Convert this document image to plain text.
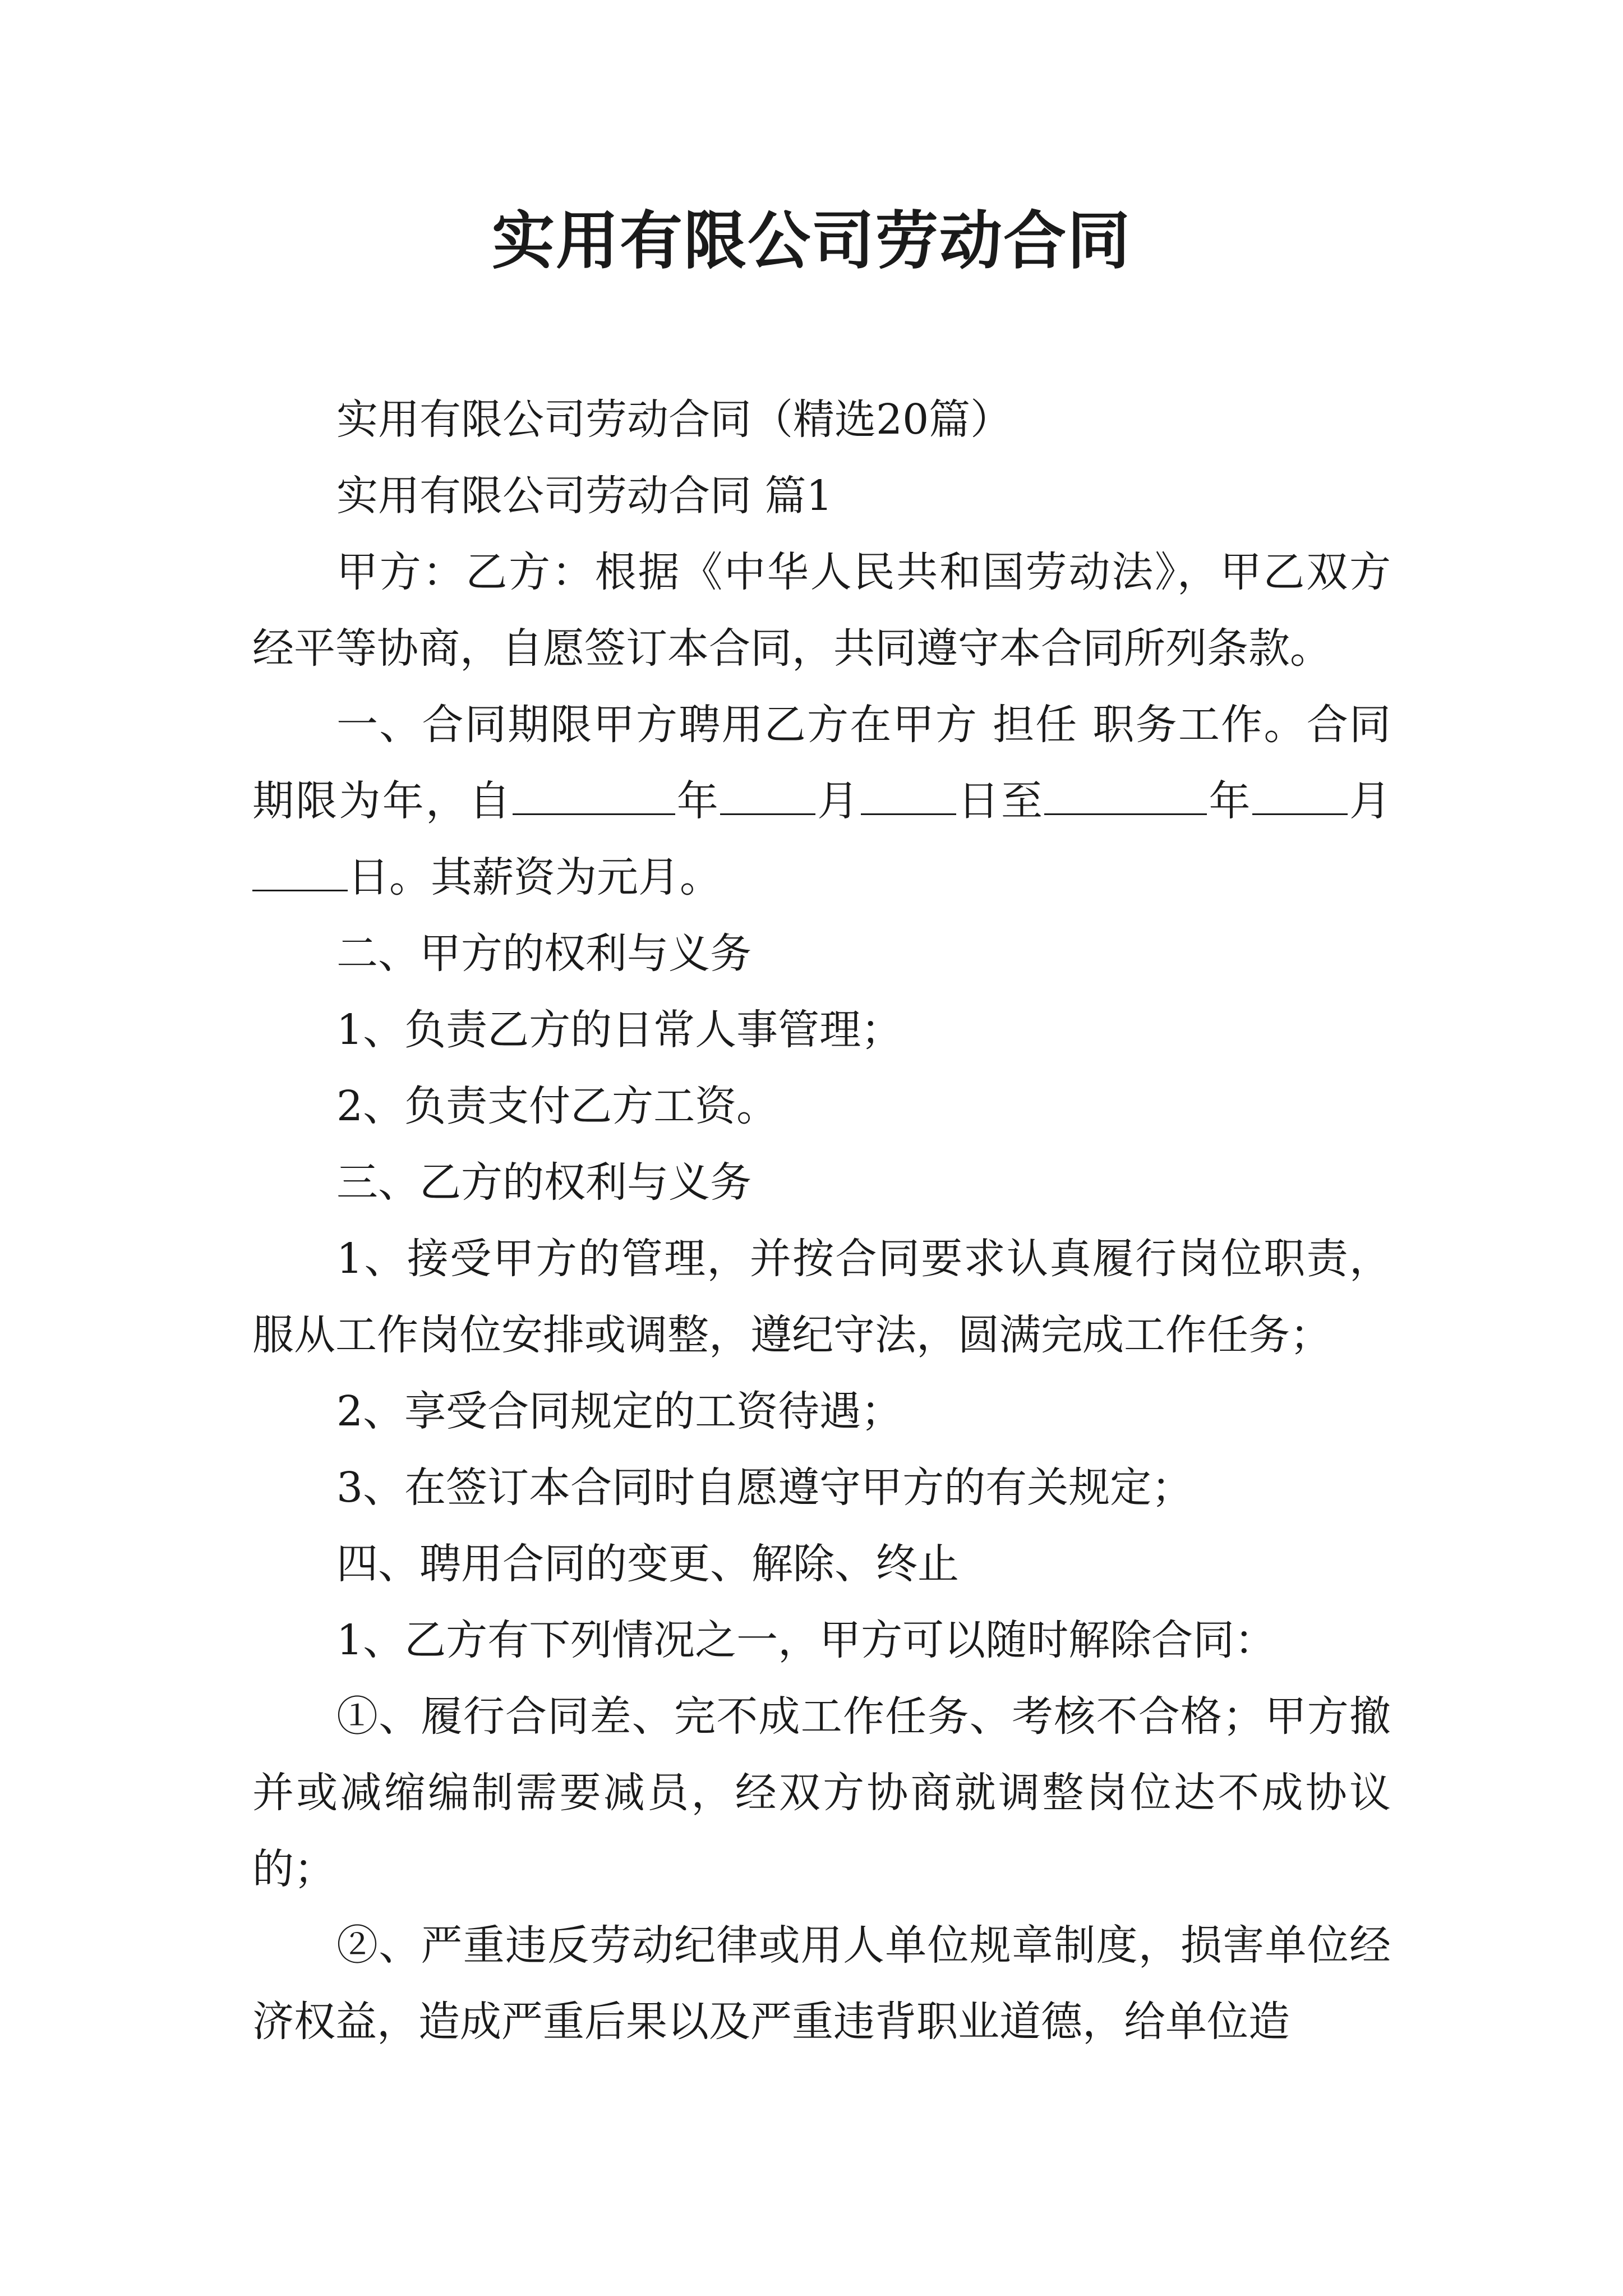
实用有限公司劳动合同

实用有限公司劳动合同（精选20篇）

实用有限公司劳动合同 篇1

甲方：乙方：根据《中华人民共和国劳动法》，甲乙双方经平等协商，自愿签订本合同，共同遵守本合同所列条款。

一、合同期限甲方聘用乙方在甲方 担任 职务工作。合同期限为年，自	年 月 日至	年 月日。其薪资为元月。

二、甲方的权利与义务

1、负责乙方的日常人事管理；

2、负责支付乙方工资。

三、乙方的权利与义务

1、接受甲方的管理，并按合同要求认真履行岗位职责，服从工作岗位安排或调整，遵纪守法，圆满完成工作任务；

2、享受合同规定的工资待遇；

3、在签订本合同时自愿遵守甲方的有关规定；

四、聘用合同的变更、解除、终止

1、乙方有下列情况之一，甲方可以随时解除合同：

①、履行合同差、完不成工作任务、考核不合格；甲方撤并或减缩编制需要减员，经双方协商就调整岗位达不成协议的；

②、严重违反劳动纪律或用人单位规章制度，损害单位经济权益，造成严重后果以及严重违背职业道德，给单位造
